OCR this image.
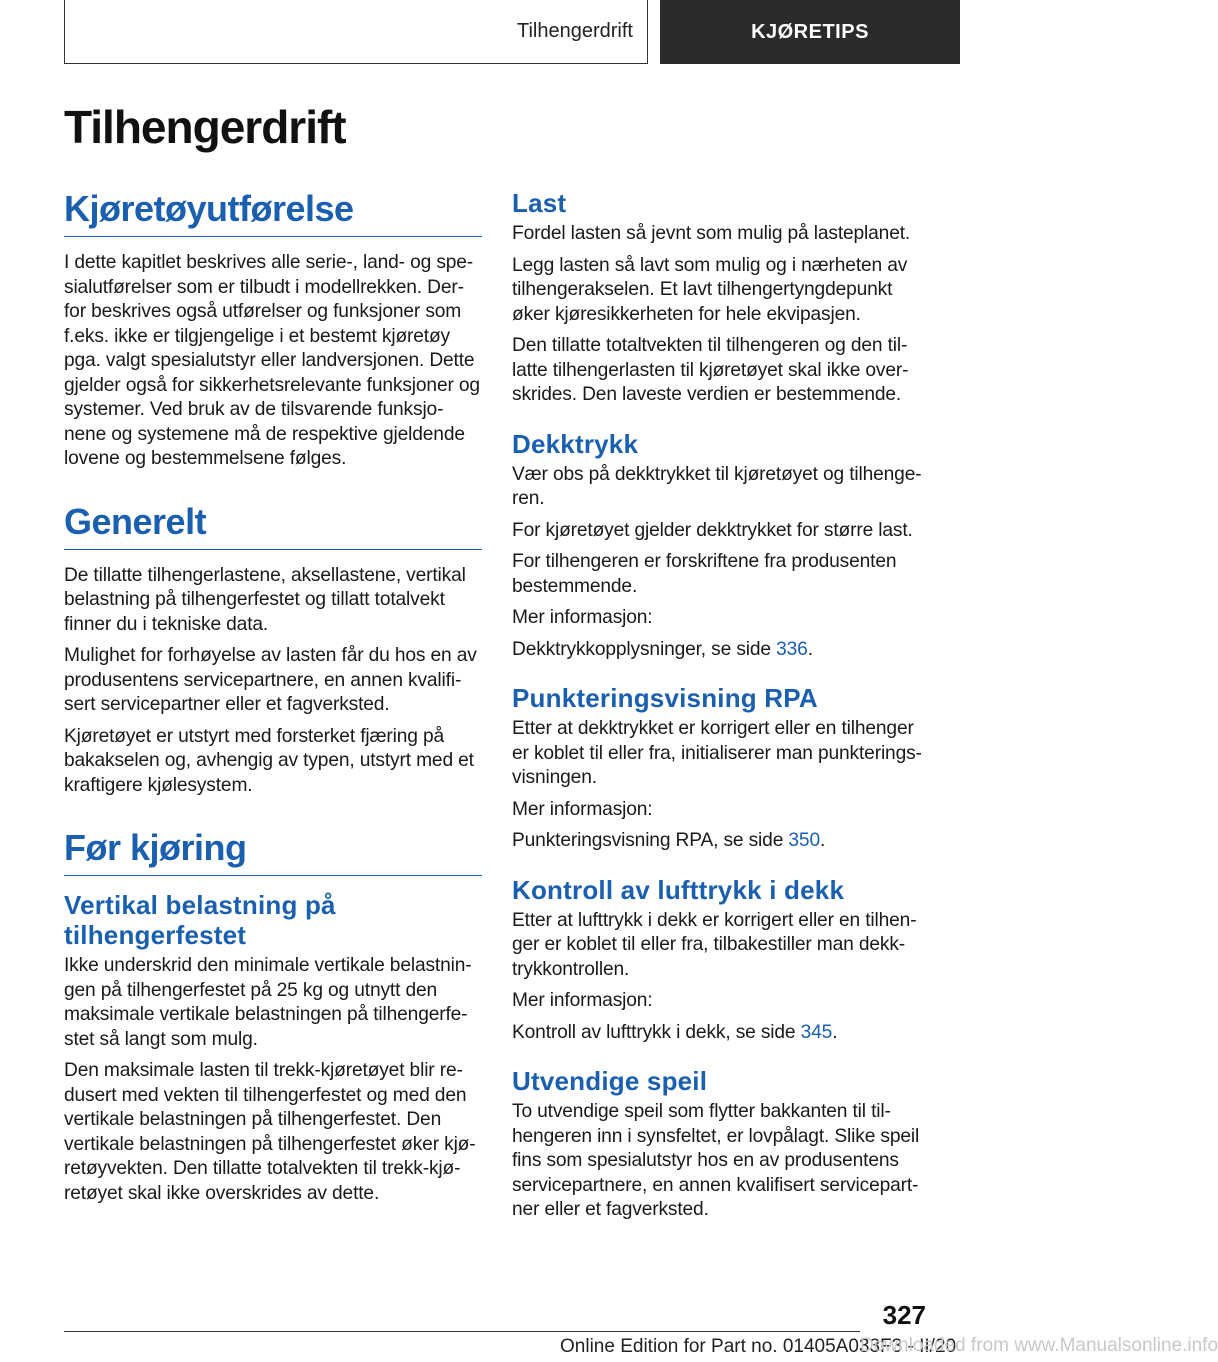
Tilhengerdrift	KJØRETIPS
Tilhengerdrift
Kjøretøyutførelse

I dette kapitlet beskrives alle serie-, land- og spe-sialutførelser som er tilbudt i modellrekken. Der-for beskrives også utførelser og funksjoner som f.eks. ikke er tilgjengelige i et bestemt kjøretøy pga. valgt spesialutstyr eller landversjonen. Dette gjelder også for sikkerhetsrelevante funksjoner og systemer. Ved bruk av de tilsvarende funksjo-nene og systemene må de respektive gjeldende lovene og bestemmelsene følges.

Generelt

De tillatte tilhengerlastene, aksellastene, vertikal belastning på tilhengerfestet og tillatt totalvekt finner du i tekniske data.

Mulighet for forhøyelse av lasten får du hos en av produsentens servicepartnere, en annen kvalifi-sert servicepartner eller et fagverksted.

Kjøretøyet er utstyrt med forsterket fjæring på bakakselen og, avhengig av typen, utstyrt med et kraftigere kjølesystem.

Før kjøring
Vertikal belastning på tilhengerfestet

Ikke underskrid den minimale vertikale belastnin-gen på tilhengerfestet på 25 kg og utnytt den maksimale vertikale belastningen på tilhengerfe-stet så langt som mulg.

Den maksimale lasten til trekk-kjøretøyet blir re-dusert med vekten til tilhengerfestet og med den vertikale belastningen på tilhengerfestet. Den vertikale belastningen på tilhengerfestet øker kjø-retøyvekten. Den tillatte totalvekten til trekk-kjø-retøyet skal ikke overskrides av dette.

Last

Fordel lasten så jevnt som mulig på lasteplanet.

Legg lasten så lavt som mulig og i nærheten av tilhengerakselen. Et lavt tilhengertyngdepunkt øker kjøresikkerheten for hele ekvipasjen.

Den tillatte totaltvekten til tilhengeren og den til-latte tilhengerlasten til kjøretøyet skal ikke over-skrides. Den laveste verdien er bestemmende.

Dekktrykk

Vær obs på dekktrykket til kjøretøyet og tilhenge-ren.

For kjøretøyet gjelder dekktrykket for større last.

For tilhengeren er forskriftene fra produsenten bestemmende.

Mer informasjon:

Dekktrykkopplysninger, se side 336.

Punkteringsvisning RPA

Etter at dekktrykket er korrigert eller en tilhenger er koblet til eller fra, initialiserer man punkterings-visningen.

Mer informasjon:

Punkteringsvisning RPA, se side 350.

Kontroll av lufttrykk i dekk

Etter at lufttrykk i dekk er korrigert eller en tilhen-ger er koblet til eller fra, tilbakestiller man dekk-trykkontrollen.

Mer informasjon:

Kontroll av lufttrykk i dekk, se side 345.

Utvendige speil

To utvendige speil som flytter bakkanten til til-hengeren inn i synsfeltet, er lovpålagt. Slike speil fins som spesialutstyr hos en av produsentens servicepartnere, en annen kvalifisert servicepart-ner eller et fagverksted.

327
Online Edition for Part no. 01405A033F3 - II/20
Downloaded from www.Manualsonline.info
